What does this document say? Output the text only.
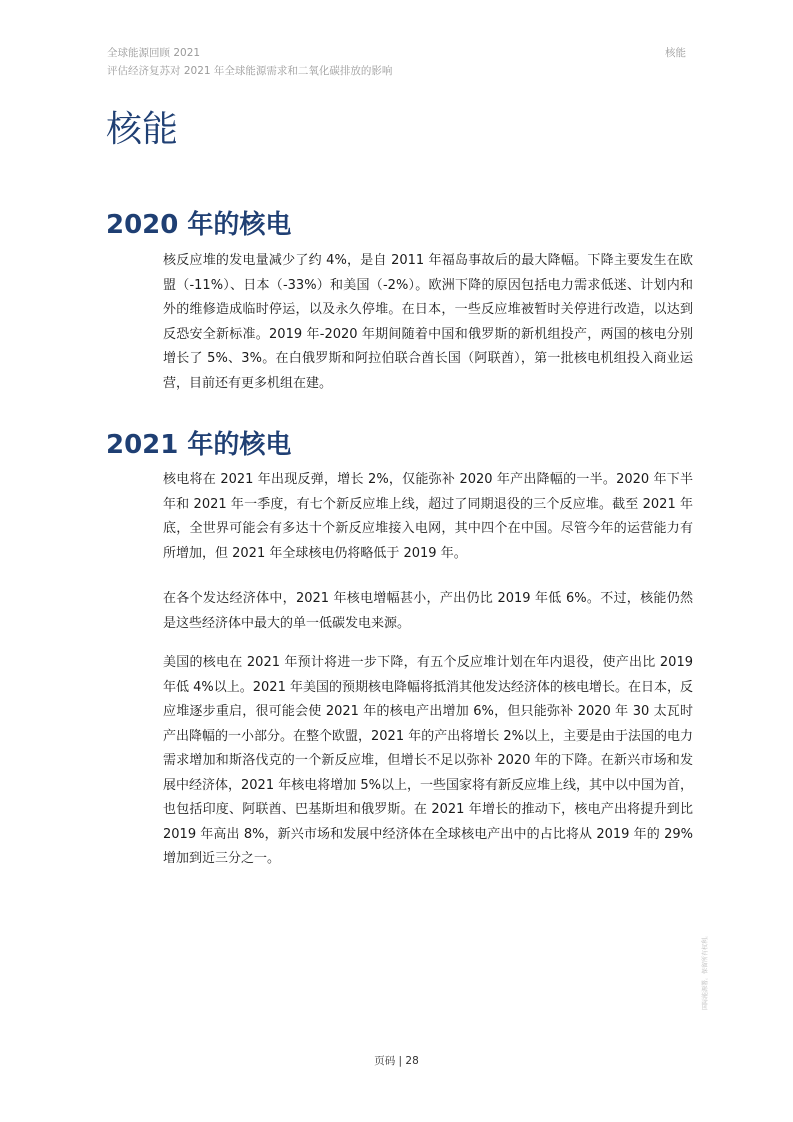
全球能源回顾 2021
评估经济复苏对 2021 年全球能源需求和二氧化碳排放的影响
核能
核能
2020 年的核电

核反应堆的发电量减少了约 4%，是自 2011 年福岛事故后的最大降幅。下降主要发生在欧盟（-11%）、日本（-33%）和美国（-2%）。欧洲下降的原因包括电力需求低迷、计划内和外的维修造成临时停运，以及永久停堆。在日本，一些反应堆被暂时关停进行改造，以达到反恐安全新标准。2019 年-2020 年期间随着中国和俄罗斯的新机组投产，两国的核电分别增长了 5%、3%。在白俄罗斯和阿拉伯联合酋长国（阿联酋），第一批核电机组投入商业运营，目前还有更多机组在建。

2021 年的核电

核电将在 2021 年出现反弹，增长 2%，仅能弥补 2020 年产出降幅的一半。2020 年下半年和 2021 年一季度，有七个新反应堆上线，超过了同期退役的三个反应堆。截至 2021 年底，全世界可能会有多达十个新反应堆接入电网，其中四个在中国。尽管今年的运营能力有所增加，但 2021 年全球核电仍将略低于 2019 年。

在各个发达经济体中，2021 年核电增幅甚小，产出仍比 2019 年低 6%。不过，核能仍然是这些经济体中最大的单一低碳发电来源。

美国的核电在 2021 年预计将进一步下降，有五个反应堆计划在年内退役，使产出比 2019 年低 4%以上。2021 年美国的预期核电降幅将抵消其他发达经济体的核电增长。在日本，反应堆逐步重启，很可能会使 2021 年的核电产出增加 6%，但只能弥补 2020 年 30 太瓦时产出降幅的一小部分。在整个欧盟，2021 年的产出将增长 2%以上，主要是由于法国的电力需求增加和斯洛伐克的一个新反应堆，但增长不足以弥补 2020 年的下降。在新兴市场和发展中经济体，2021 年核电将增加 5%以上，一些国家将有新反应堆上线，其中以中国为首，也包括印度、阿联酋、巴基斯坦和俄罗斯。在 2021 年增长的推动下，核电产出将提升到比 2019 年高出 8%，新兴市场和发展中经济体在全球核电产出中的占比将从 2019 年的 29%增加到近三分之一。

页码 | 28
国际能源署。保留所有权利。
